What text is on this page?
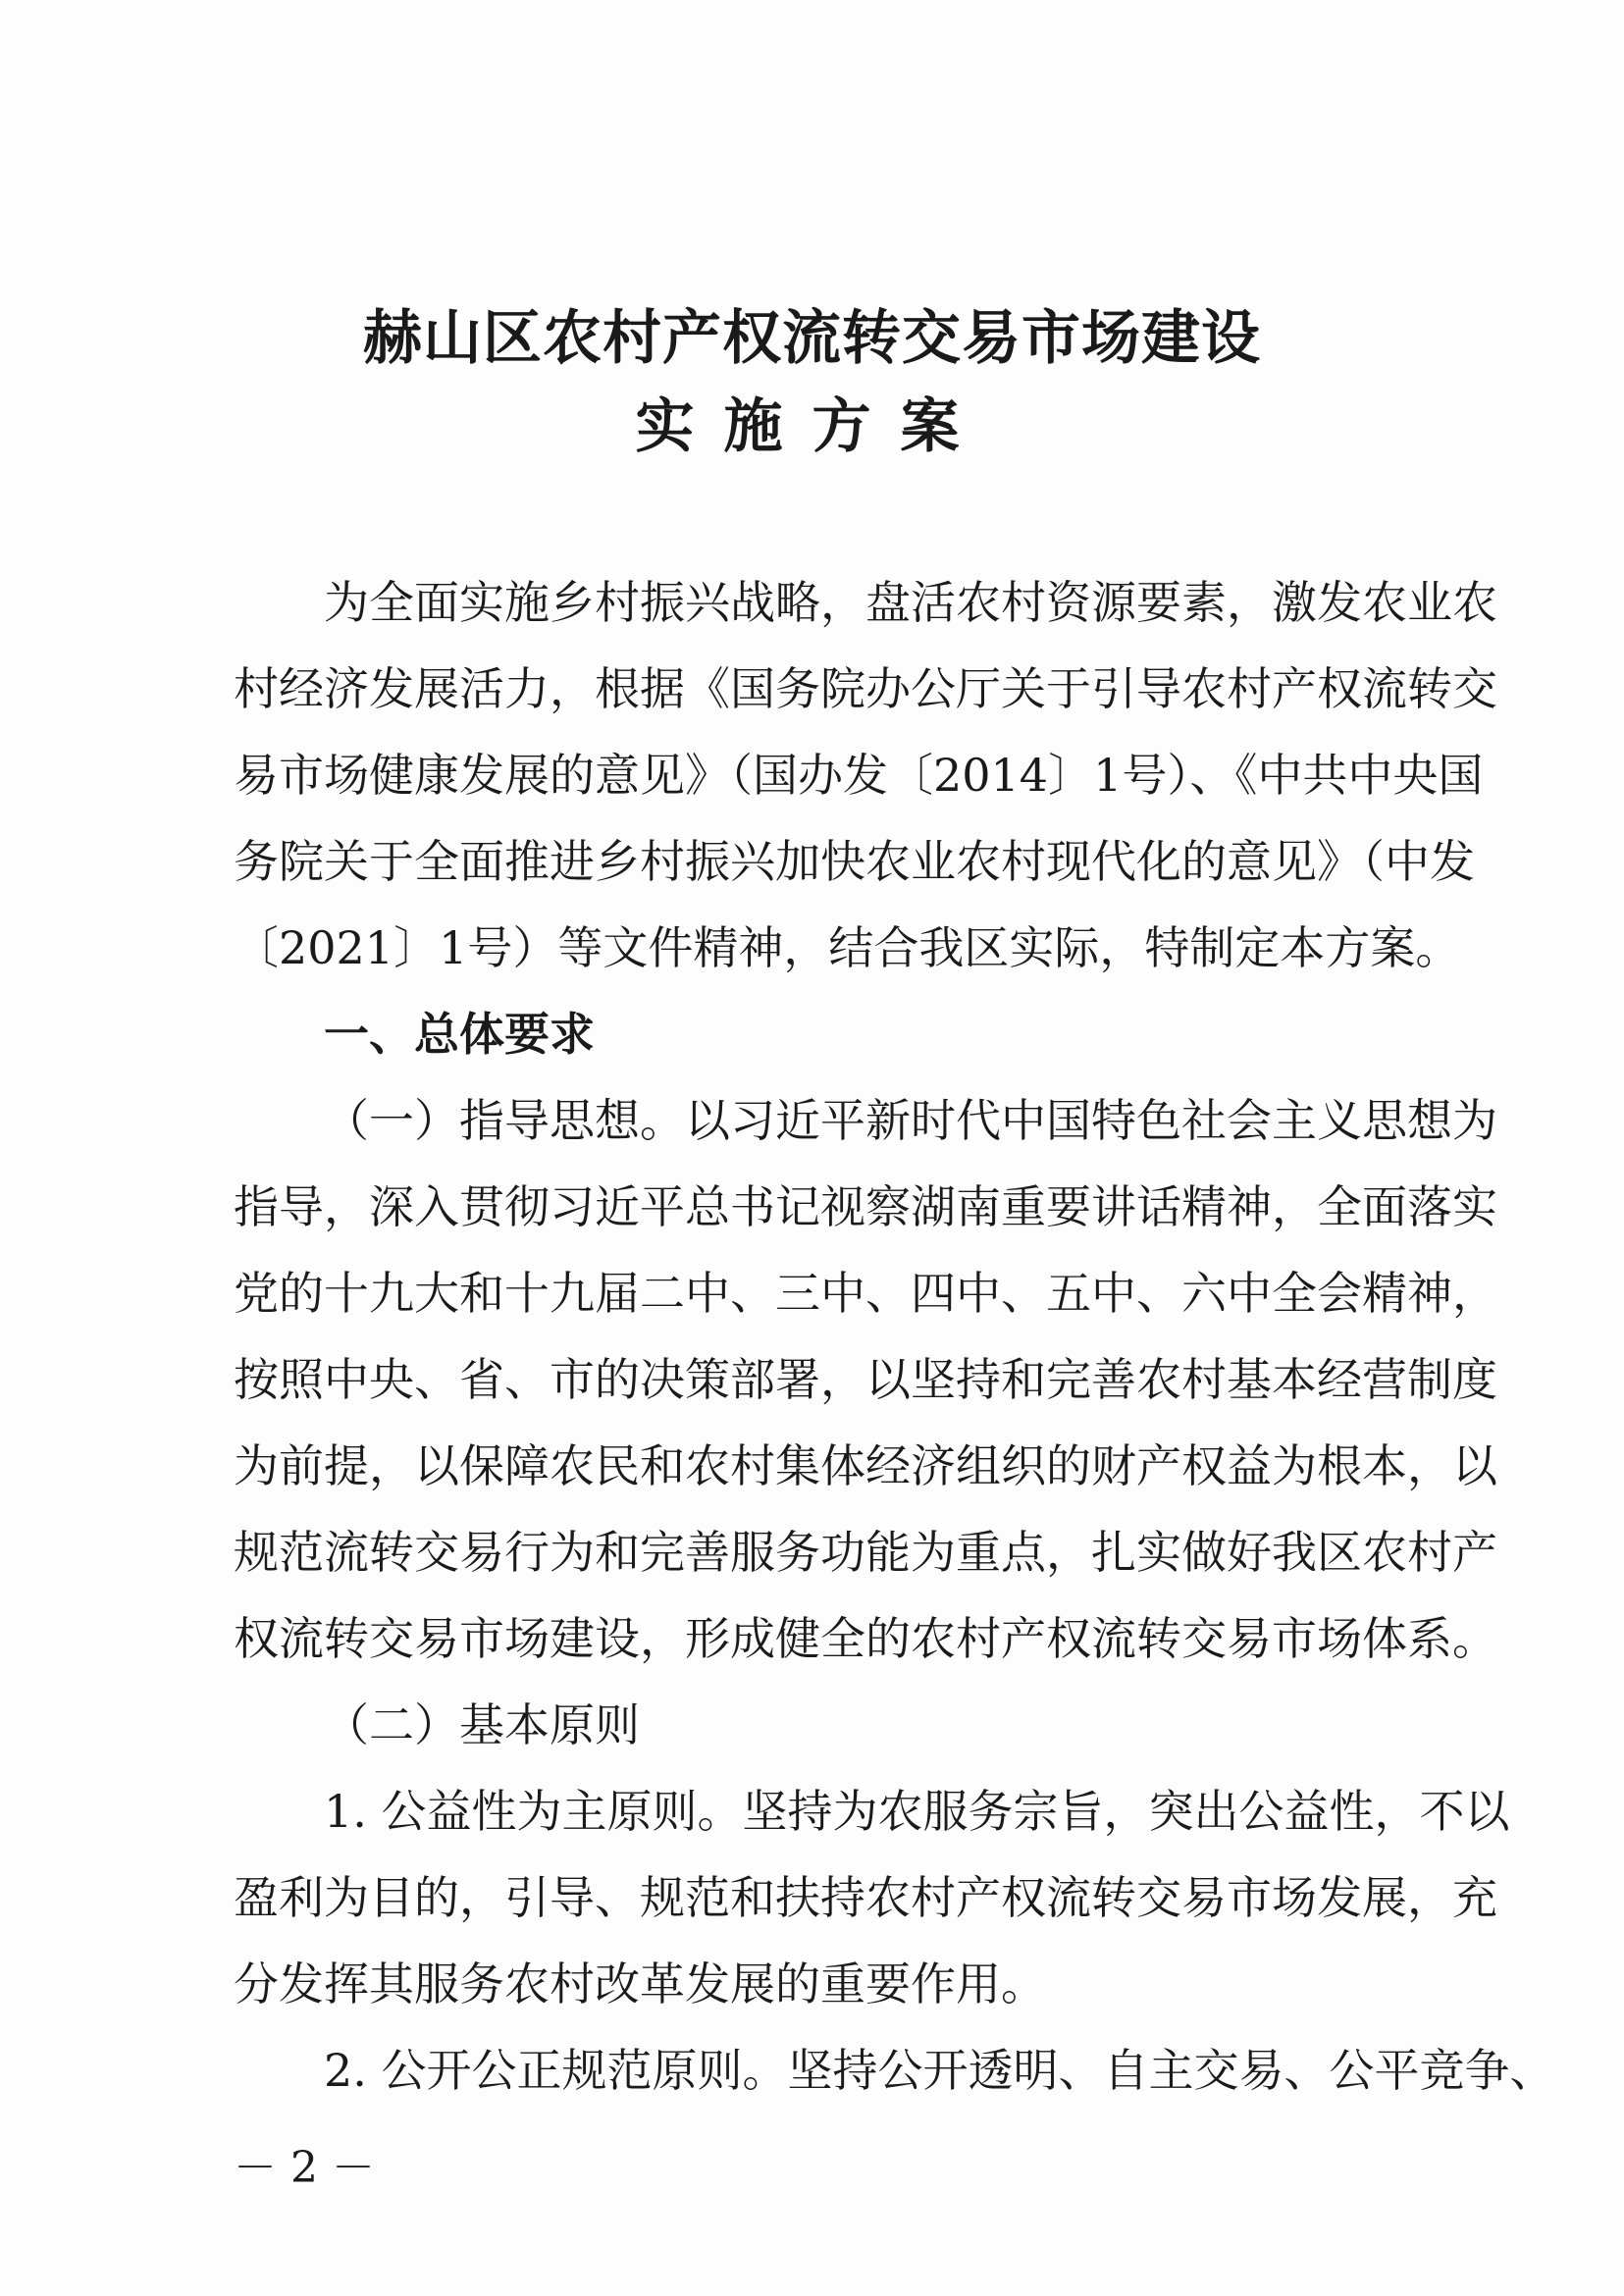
赫山区农村产权流转交易市场建设
实施方案
为全面实施乡村振兴战略，盘活农村资源要素，激发农业农
村经济发展活力，根据《国务院办公厅关于引导农村产权流转交
易市场健康发展的意见》（国办发〔2014〕1号）、《中共中央国
务院关于全面推进乡村振兴加快农业农村现代化的意见》（中发
〔2021〕1号）等文件精神，结合我区实际，特制定本方案。
一、总体要求
（一）指导思想。以习近平新时代中国特色社会主义思想为
指导，深入贯彻习近平总书记视察湖南重要讲话精神，全面落实
党的十九大和十九届二中、三中、四中、五中、六中全会精神，
按照中央、省、市的决策部署，以坚持和完善农村基本经营制度
为前提，以保障农民和农村集体经济组织的财产权益为根本，以
规范流转交易行为和完善服务功能为重点，扎实做好我区农村产
权流转交易市场建设，形成健全的农村产权流转交易市场体系。
（二）基本原则
1. 公益性为主原则。坚持为农服务宗旨，突出公益性，不以
盈利为目的，引导、规范和扶持农村产权流转交易市场发展，充
分发挥其服务农村改革发展的重要作用。
2. 公开公正规范原则。坚持公开透明、自主交易、公平竞争、
－ 2 －
